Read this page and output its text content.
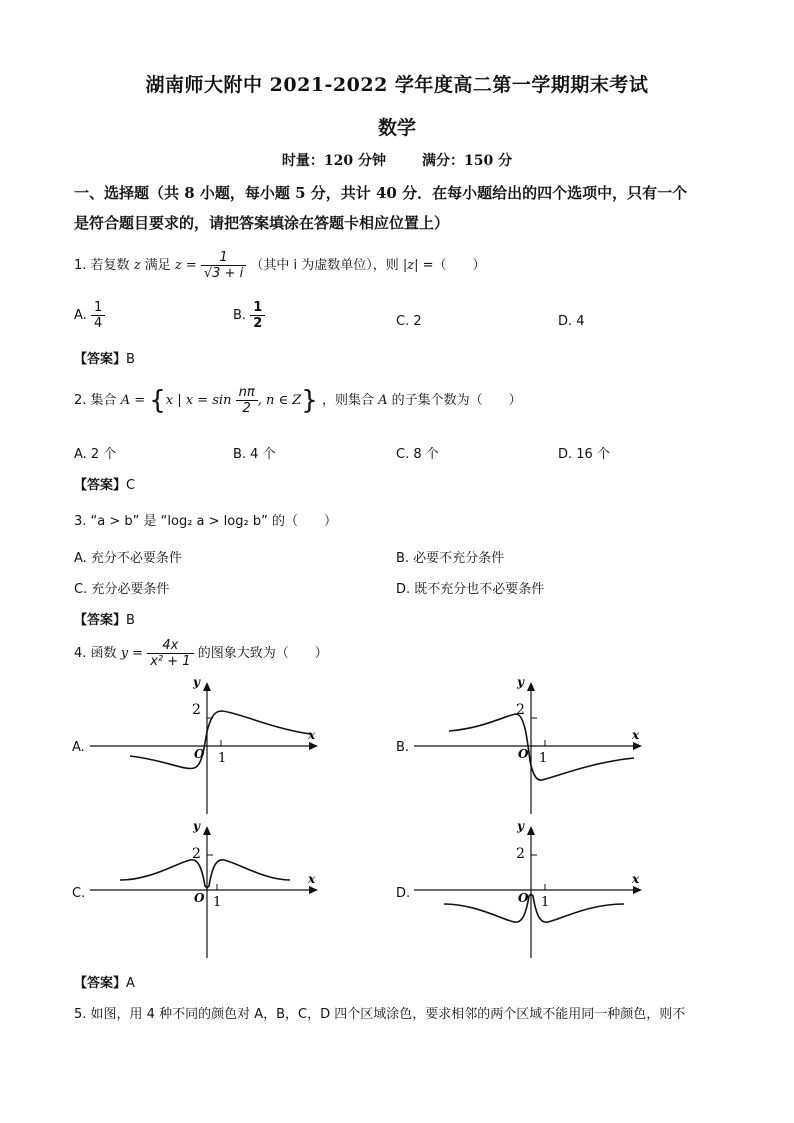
湖南师大附中 2021-2022 学年度高二第一学期期末考试
数学
时量：120 分钟	满分：150 分
一、选择题（共 8 小题，每小题 5 分，共计 40 分．在每小题给出的四个选项中，只有一个
是符合题目要求的，请把答案填涂在答题卡相应位置上）
1. 若复数 z 满足 $z = \frac{1}{√3 + i}$ （其中 i 为虚数单位），则 |z| =（　　）
A. $\frac{1}{4}$	B. $\frac{1}{2}$	C. 2	D. 4
【答案】B
2. 集合 A = {x | $x = \sin \frac{n\pi}{2}$ , n ∈ Z} ，则集合 A 的子集个数为（　　）
A. 2 个	B. 4 个	C. 8 个	D. 16 个
【答案】C
3. “a > b” 是 “log₂ a > log₂ b” 的（　　）
A. 充分不必要条件	B. 必要不充分条件
C. 充分必要条件	D. 既不充分也不必要条件
【答案】B
4. 函数 $y = \frac{4x}{\text{x² + 1}}$ 的图象大致为（　　）
A.
y
x
O 1
2
B.
y
x
O 1
2
C.
y
x
O 1
2
D.
y
x
O 1
2
【答案】A
5. 如图，用 4 种不同的颜色对 A，B，C，D 四个区域涂色，要求相邻的两个区域不能用同一种颜色，则不
